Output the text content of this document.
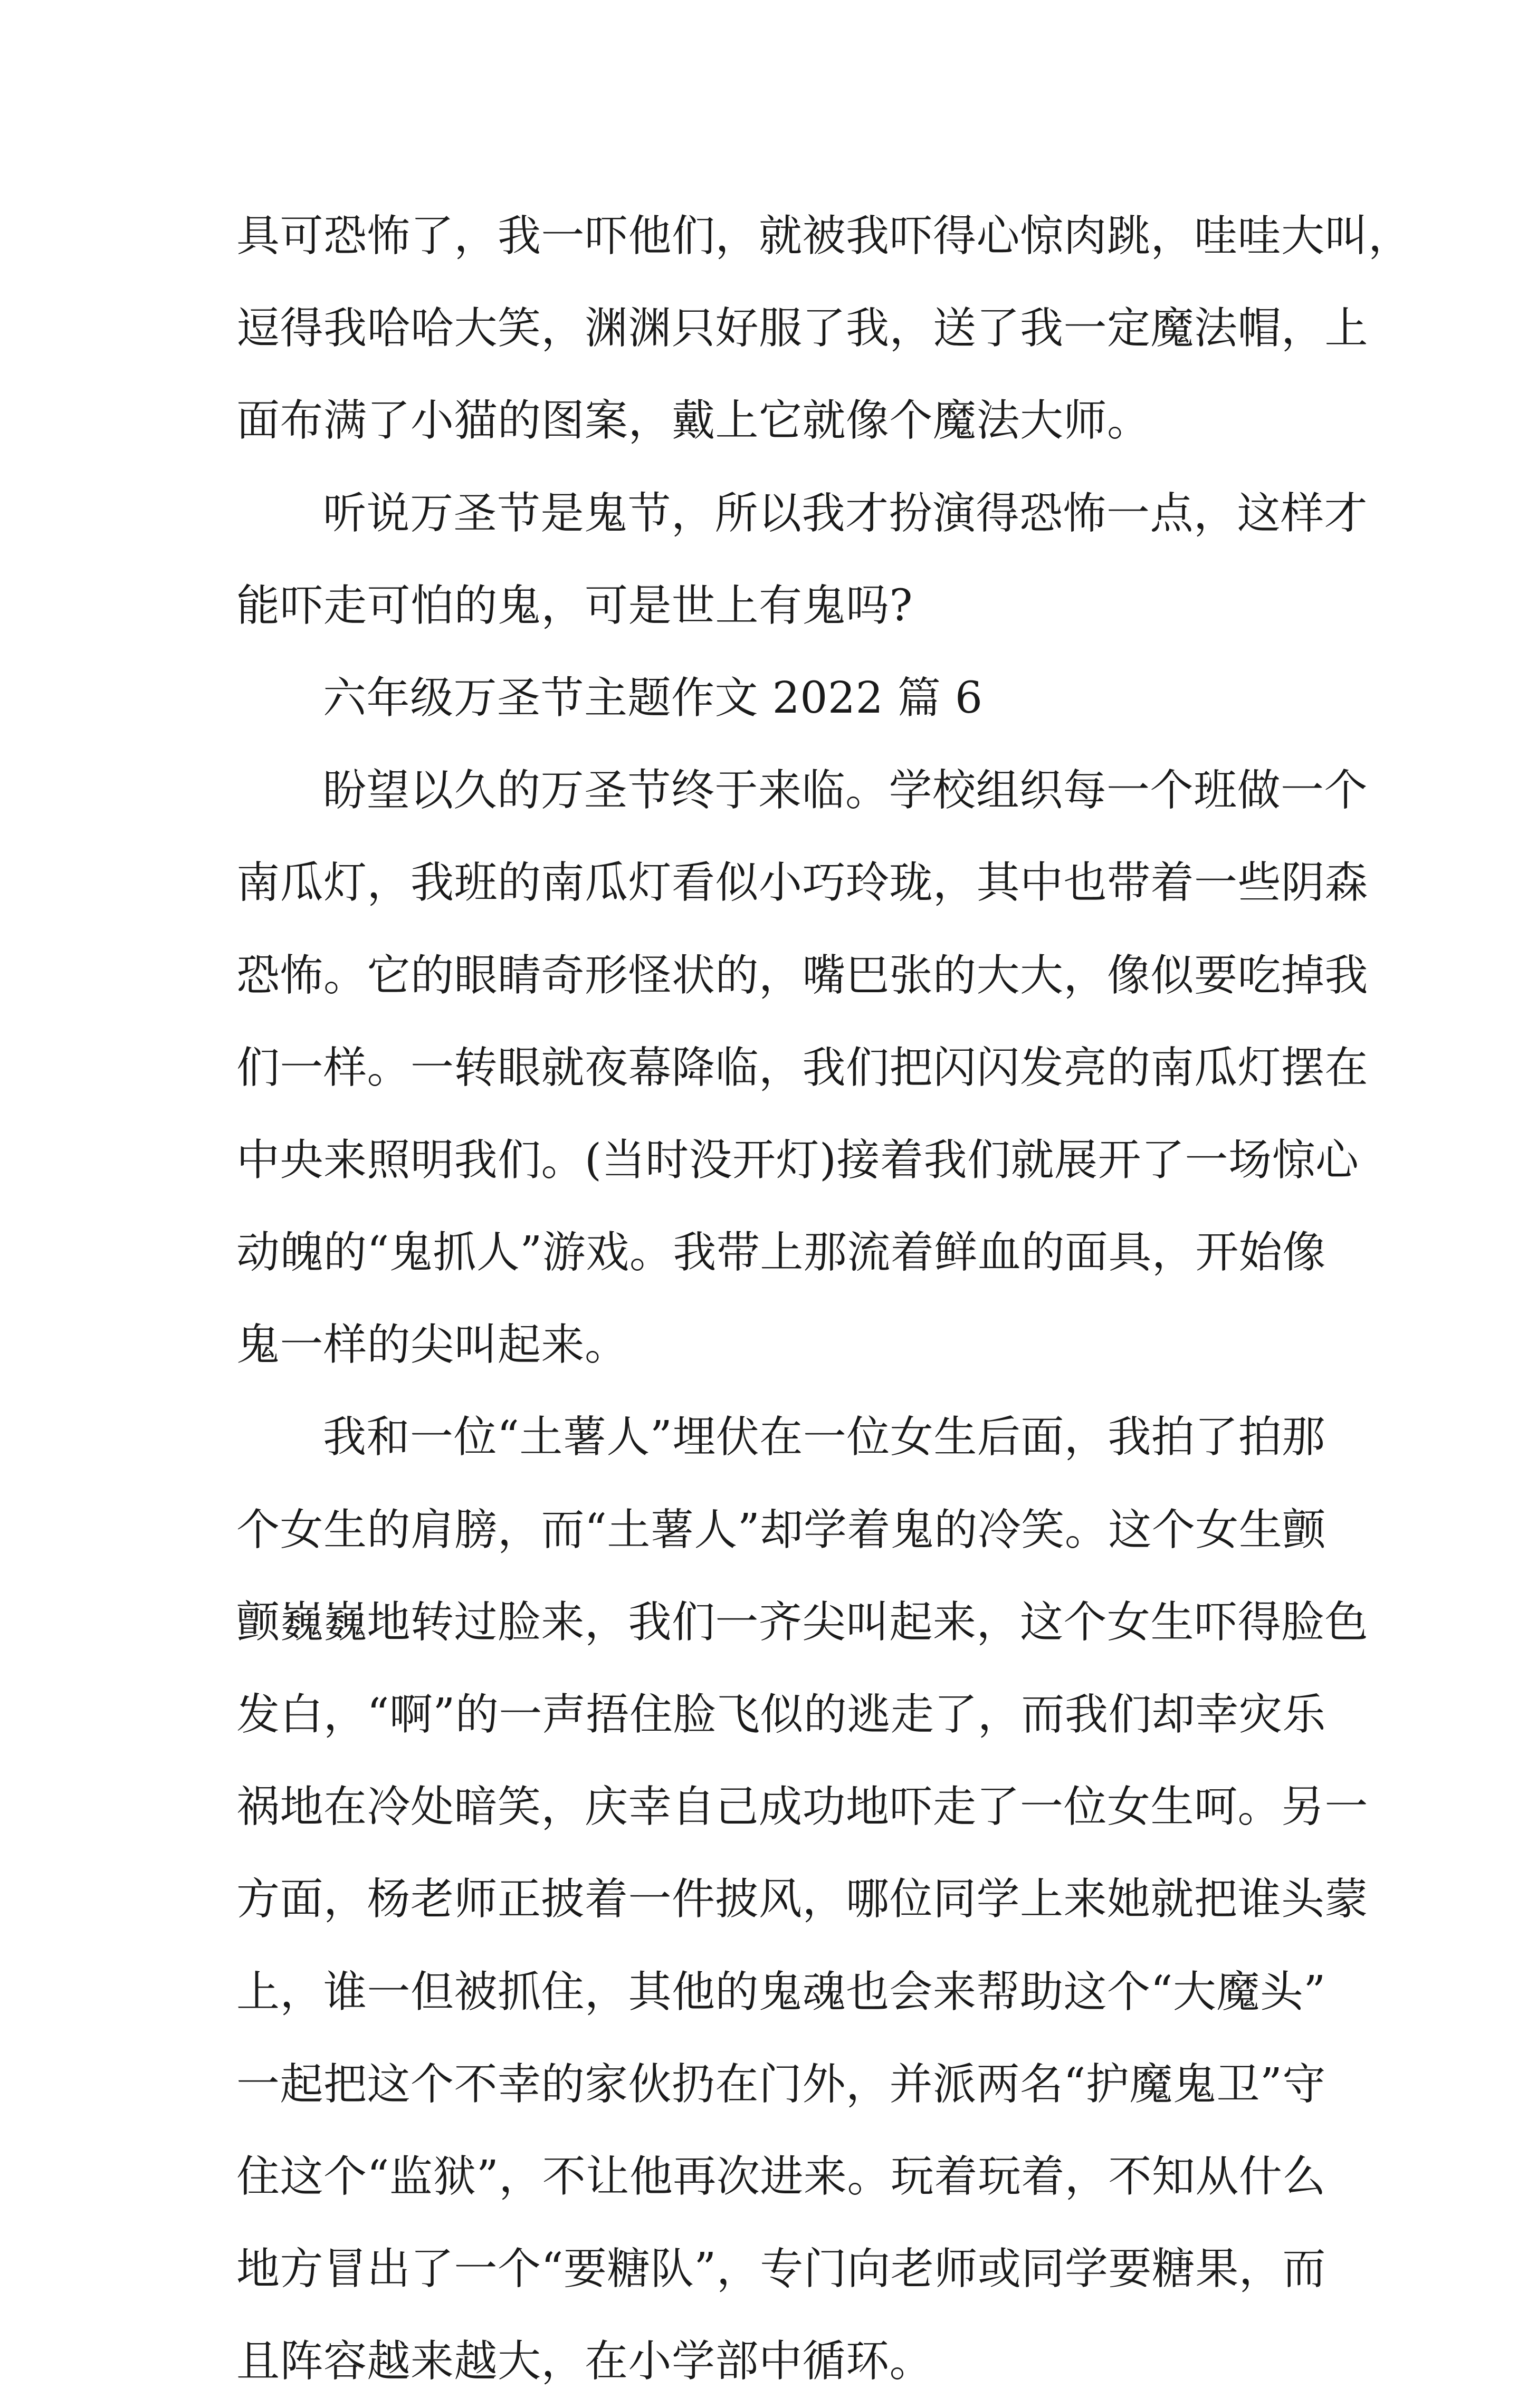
具可恐怖了，我一吓他们，就被我吓得心惊肉跳，哇哇大叫，
逗得我哈哈大笑，渊渊只好服了我，送了我一定魔法帽，上
面布满了小猫的图案，戴上它就像个魔法大师。
听说万圣节是鬼节，所以我才扮演得恐怖一点，这样才
能吓走可怕的鬼，可是世上有鬼吗?
六年级万圣节主题作文 2022 篇 6
盼望以久的万圣节终于来临。学校组织每一个班做一个
南瓜灯，我班的南瓜灯看似小巧玲珑，其中也带着一些阴森
恐怖。它的眼睛奇形怪状的，嘴巴张的大大，像似要吃掉我
们一样。一转眼就夜幕降临，我们把闪闪发亮的南瓜灯摆在
中央来照明我们。(当时没开灯)接着我们就展开了一场惊心
动魄的“鬼抓人”游戏。我带上那流着鲜血的面具，开始像
鬼一样的尖叫起来。
我和一位“土薯人”埋伏在一位女生后面，我拍了拍那
个女生的肩膀，而“土薯人”却学着鬼的冷笑。这个女生颤
颤巍巍地转过脸来，我们一齐尖叫起来，这个女生吓得脸色
发白，“啊”的一声捂住脸飞似的逃走了，而我们却幸灾乐
祸地在冷处暗笑，庆幸自己成功地吓走了一位女生呵。另一
方面，杨老师正披着一件披风，哪位同学上来她就把谁头蒙
上，谁一但被抓住，其他的鬼魂也会来帮助这个“大魔头”
一起把这个不幸的家伙扔在门外，并派两名“护魔鬼卫”守
住这个“监狱”，不让他再次进来。玩着玩着，不知从什么
地方冒出了一个“要糖队”，专门向老师或同学要糖果，而
且阵容越来越大，在小学部中循环。
